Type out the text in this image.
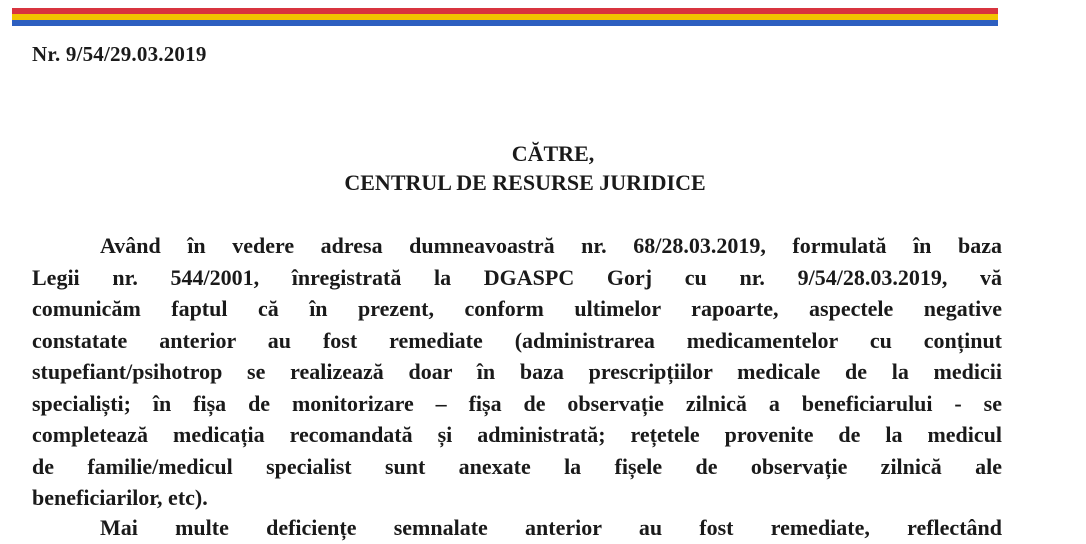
Nr. 9/54/29.03.2019
CĂTRE,
CENTRUL DE RESURSE JURIDICE
Având în vedere adresa dumneavoastră nr. 68/28.03.2019, formulată în baza
Legii nr. 544/2001, înregistrată la DGASPC Gorj cu nr. 9/54/28.03.2019, vă
comunicăm faptul că în prezent, conform ultimelor rapoarte, aspectele negative
constatate anterior au fost remediate (administrarea medicamentelor cu conținut
stupefiant/psihotrop se realizează doar în baza prescripțiilor medicale de la medicii
specialiști; în fișa de monitorizare – fișa de observație zilnică a beneficiarului - se
completează medicația recomandată și administrată; rețetele provenite de la medicul
de familie/medicul specialist sunt anexate la fișele de observație zilnică ale
beneficiarilor, etc).
Mai multe deficiențe semnalate anterior au fost remediate, reflectând
